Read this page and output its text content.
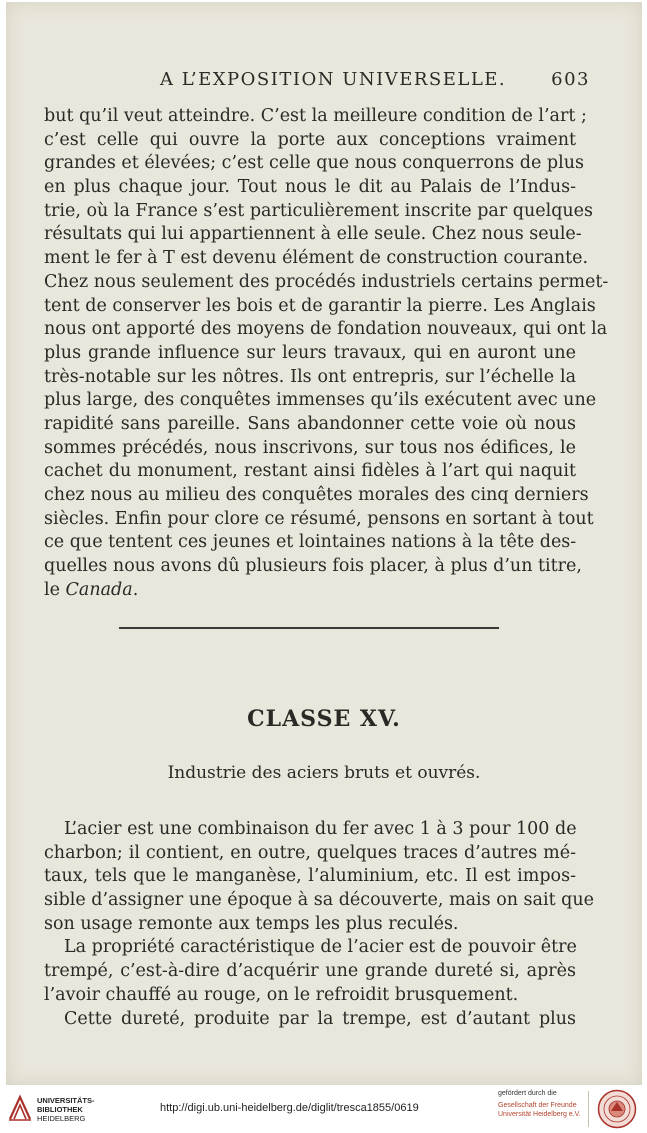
A L’EXPOSITION UNIVERSELLE. 603
but qu’il veut atteindre. C’est la meilleure condition de l’art ;
c’est celle qui ouvre la porte aux conceptions vraiment
grandes et élevées; c’est celle que nous conquerrons de plus
en plus chaque jour. Tout nous le dit au Palais de l’Indus-
trie, où la France s’est particulièrement inscrite par quelques
résultats qui lui appartiennent à elle seule. Chez nous seule-
ment le fer à T est devenu élément de construction courante.
Chez nous seulement des procédés industriels certains permet-
tent de conserver les bois et de garantir la pierre. Les Anglais
nous ont apporté des moyens de fondation nouveaux, qui ont la
plus grande influence sur leurs travaux, qui en auront une
très-notable sur les nôtres. Ils ont entrepris, sur l’échelle la
plus large, des conquêtes immenses qu’ils exécutent avec une
rapidité sans pareille. Sans abandonner cette voie où nous
sommes précédés, nous inscrivons, sur tous nos édifices, le
cachet du monument, restant ainsi fidèles à l’art qui naquit
chez nous au milieu des conquêtes morales des cinq derniers
siècles. Enfin pour clore ce résumé, pensons en sortant à tout
ce que tentent ces jeunes et lointaines nations à la tête des-
quelles nous avons dû plusieurs fois placer, à plus d’un titre,
le Canada.
CLASSE XV.
Industrie des aciers bruts et ouvrés.
L’acier est une combinaison du fer avec 1 à 3 pour 100 de
charbon; il contient, en outre, quelques traces d’autres mé-
taux, tels que le manganèse, l’aluminium, etc. Il est impos-
sible d’assigner une époque à sa découverte, mais on sait que
son usage remonte aux temps les plus reculés.
La propriété caractéristique de l’acier est de pouvoir être
trempé, c’est-à-dire d’acquérir une grande dureté si, après
l’avoir chauffé au rouge, on le refroidit brusquement.
Cette dureté, produite par la trempe, est d’autant plus
UNIVERSITÄTS-
BIBLIOTHEK
HEIDELBERG
http://digi.ub.uni-heidelberg.de/diglit/tresca1855/0619
gefördert durch die
Gesellschaft der Freunde
Universität Heidelberg e.V.
